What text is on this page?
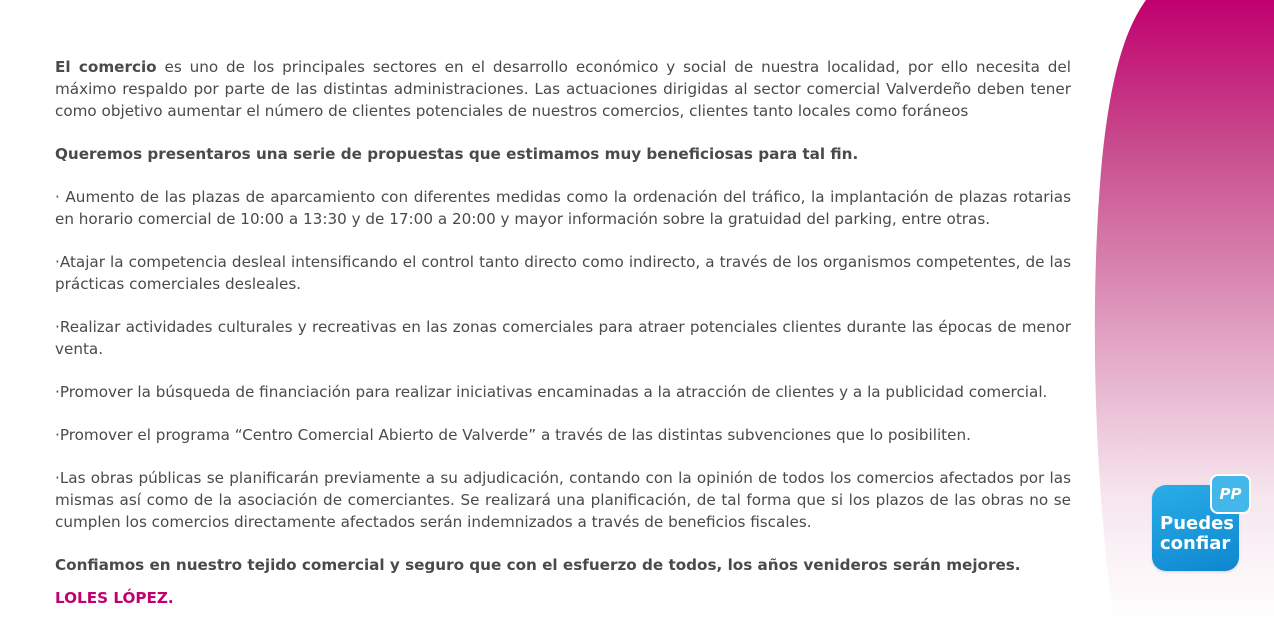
El comercio es uno de los principales sectores en el desarrollo económico y social de nuestra localidad, por ello necesita del máximo respaldo por parte de las distintas administraciones. Las actuaciones dirigidas al sector comercial Valverdeño deben tener como objetivo aumentar el número de clientes potenciales de nuestros comercios, clientes tanto locales como foráneos

Queremos presentaros una serie de propuestas que estimamos muy beneficiosas para tal fin.

· Aumento de las plazas de aparcamiento con diferentes medidas como la ordenación del tráfico, la implantación de plazas rotarias en horario comercial de 10:00 a 13:30 y de 17:00 a 20:00 y mayor información sobre la gratuidad del parking, entre otras.

·Atajar la competencia desleal intensificando el control tanto directo como indirecto, a través de los organismos competentes, de las prácticas comerciales desleales.

·Realizar actividades culturales y recreativas en las zonas comerciales para atraer potenciales clientes durante las épocas de menor venta.

·Promover la búsqueda de financiación para realizar iniciativas encaminadas a la atracción de clientes y a la publicidad comercial.

·Promover el programa “Centro Comercial Abierto de Valverde” a través de las distintas subvenciones que lo posibiliten.

·Las obras públicas se planificarán previamente a su adjudicación, contando con la opinión de todos los comercios afectados por las mismas así como de la asociación de comerciantes. Se realizará una planificación, de tal forma que si los plazos de las obras no se cumplen los comercios directamente afectados serán indemnizados a través de beneficios fiscales.

Confiamos en nuestro tejido comercial y seguro que con el esfuerzo de todos, los años venideros serán mejores.

LOLES LÓPEZ.

PP
Puedes
confiar
